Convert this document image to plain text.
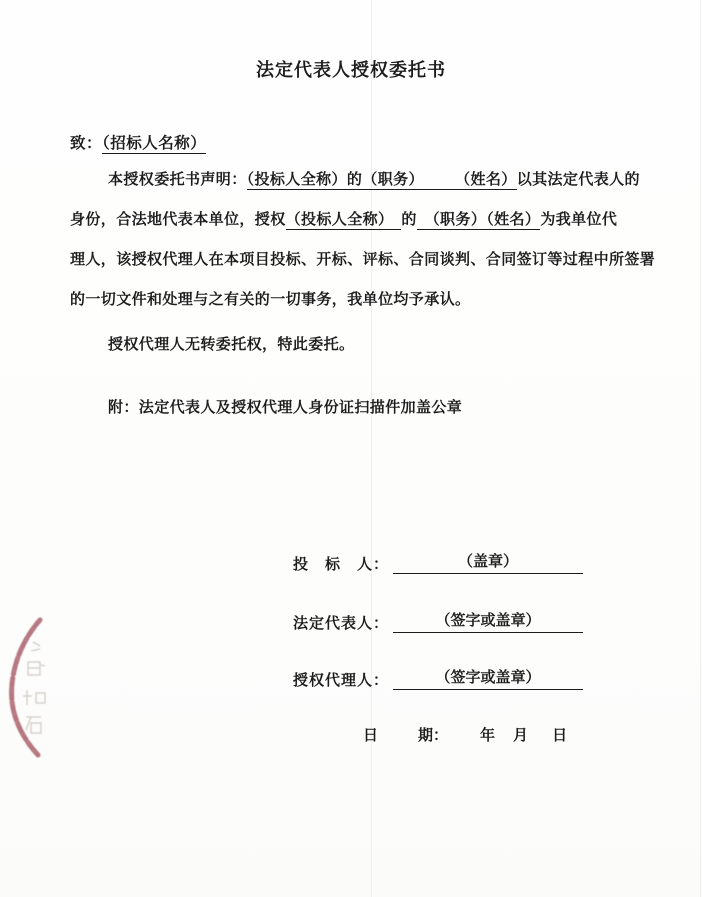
法定代表人授权委托书
致：（招标人名称）
本授权委托书声明：（投标人全称）的（职务）　　　（姓名）以其法定代表人的
身份，合法地代表本单位，授权（投标人全称）　的　（职务）（姓名）为我单位代
理人，该授权代理人在本项目投标、开标、评标、合同谈判、合同签订等过程中所签署
的一切文件和处理与之有关的一切事务，我单位均予承认。
授权代理人无转委托权，特此委托。
附：法定代表人及授权代理人身份证扫描件加盖公章
投　标　人：	（盖章）
法定代表人：	（签字或盖章）
授权代理人：	（签字或盖章）
日	期： 年 月 日
